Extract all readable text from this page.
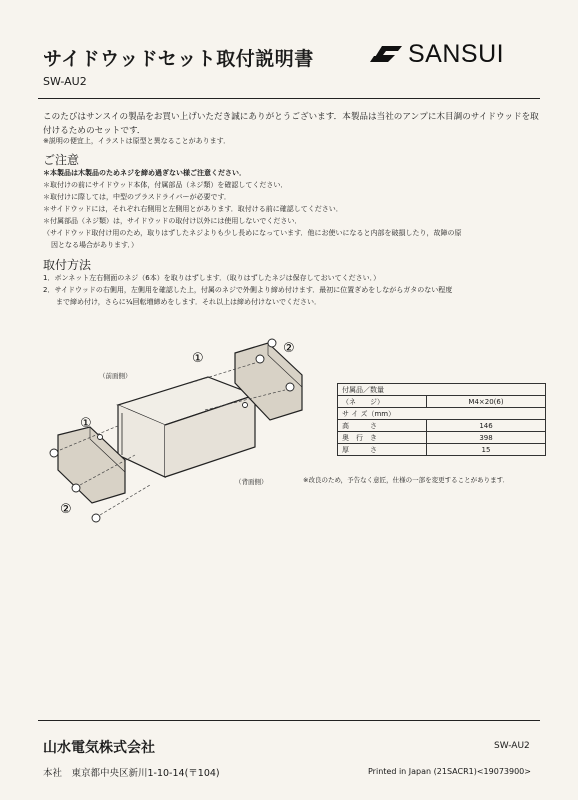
サイドウッドセット取付説明書
SW-AU2
SANSUI
このたびはサンスイの製品をお買い上げいただき誠にありがとうございます．本製品は当社のアンプに木目調のサイドウッドを取付けるためのセットです．
※説明の便宜上，イラストは原型と異なることがあります．
ご注意
＊本製品は木製品のためネジを締め過ぎない様ご注意ください．
＊取付けの前にサイドウッド本体，付属部品（ネジ類）を確認してください．
＊取付けに際しては，中型のプラスドライバーが必要です．
＊サイドウッドには，それぞれ右側用と左側用とがあります．取付ける前に確認してください．
＊付属部品（ネジ類）は，サイドウッドの取付け以外には使用しないでください．
（サイドウッド取付け用のため，取りはずしたネジよりも少し長めになっています．他にお使いになると内部を破損したり，故障の原
因となる場合があります．）
取付方法
1．ボンネット左右側面のネジ（6本）を取りはずします．（取りはずしたネジは保存しておいてください．）
2．サイドウッドの右側用，左側用を確認した上，付属のネジで外側より締め付けます．最初に位置ぎめをしながらガタのない程度
まで締め付け，さらに¼回転増締めをします．それ以上は締め付けないでください．
①
②
①
②
（前面側）
（背面側）
付属品／数量	
（ネ　　ジ）	M4×20(6)
サ イ ズ（mm）	
高　　　さ	146
奥　行　き	398
厚　　　さ	15
※改良のため，予告なく意匠，仕様の一部を変更することがあります．
山水電気株式会社	SW-AU2
本社　東京都中央区新川1-10-14(〒104)	Printed in Japan (21SACR1)<19073900>
